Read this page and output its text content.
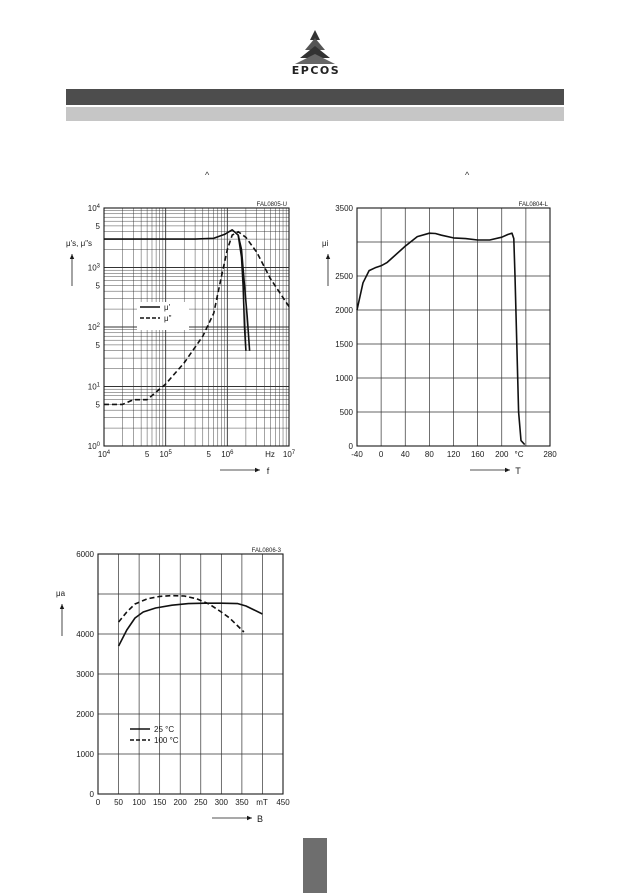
EPCOS
^	^
$10^4$	5 $10^5$	5 $10^6$	$10^7$
$10^0$
5
$10^1$
5
$10^2$
5
$10^3$
5
$10^4$
Hz
f
μ's, μ"s
FAL0805-U
μ'
μ"
-40 0 40 80 120 160 200	280
0
500
1000
1500
2000
2500
3500
T
μi
FAL0804-L
°C
0 50 100 150 200 250 300 350	450
0
1000
2000
3000
4000
6000
B
μa
FAL0806-3
25 °C
100 °C
mT
